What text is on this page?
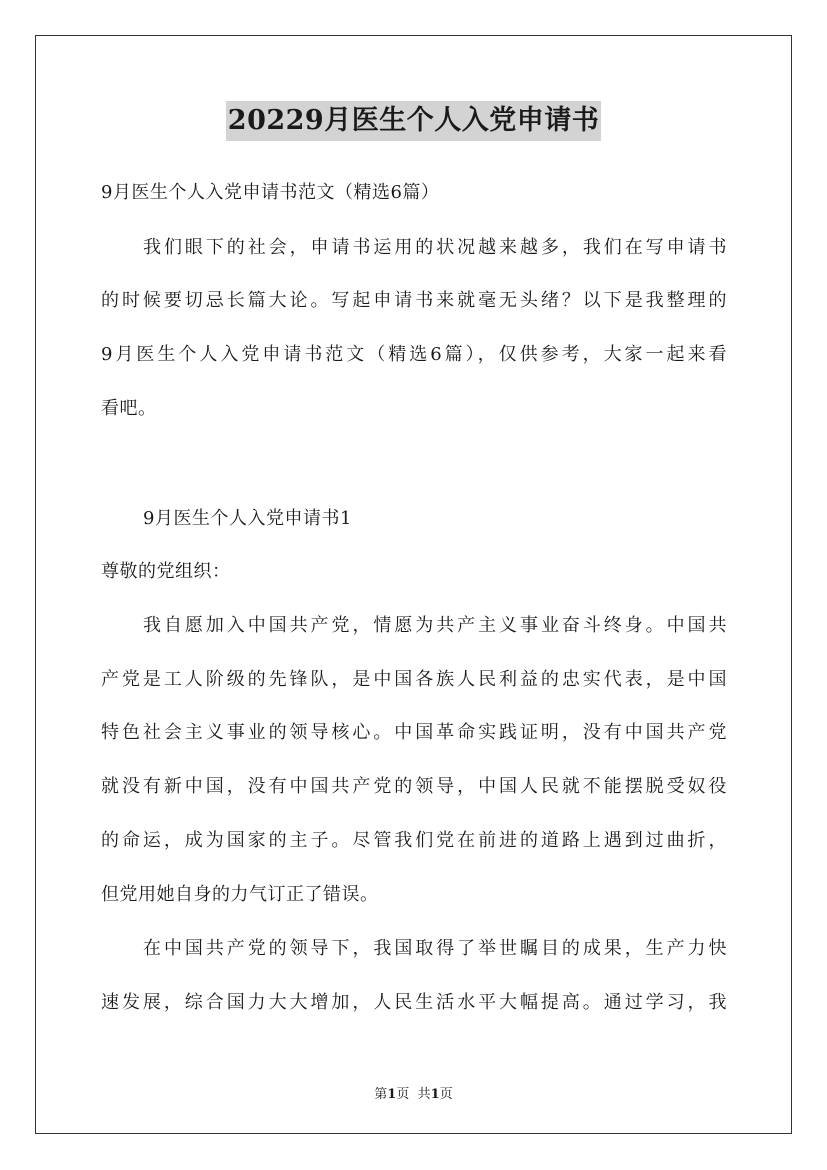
20229月医生个人入党申请书
9月医生个人入党申请书范文（精选6篇）
我们眼下的社会，申请书运用的状况越来越多，我们在写申请书
的时候要切忌长篇大论。写起申请书来就毫无头绪？以下是我整理的
9月医生个人入党申请书范文（精选6篇），仅供参考，大家一起来看
看吧。
9月医生个人入党申请书1
尊敬的党组织：
我自愿加入中国共产党，情愿为共产主义事业奋斗终身。中国共
产党是工人阶级的先锋队，是中国各族人民利益的忠实代表，是中国
特色社会主义事业的领导核心。中国革命实践证明，没有中国共产党
就没有新中国，没有中国共产党的领导，中国人民就不能摆脱受奴役
的命运，成为国家的主子。尽管我们党在前进的道路上遇到过曲折，
但党用她自身的力气订正了错误。
在中国共产党的领导下，我国取得了举世瞩目的成果，生产力快
速发展，综合国力大大增加，人民生活水平大幅提高。通过学习，我
第1页 共1页
